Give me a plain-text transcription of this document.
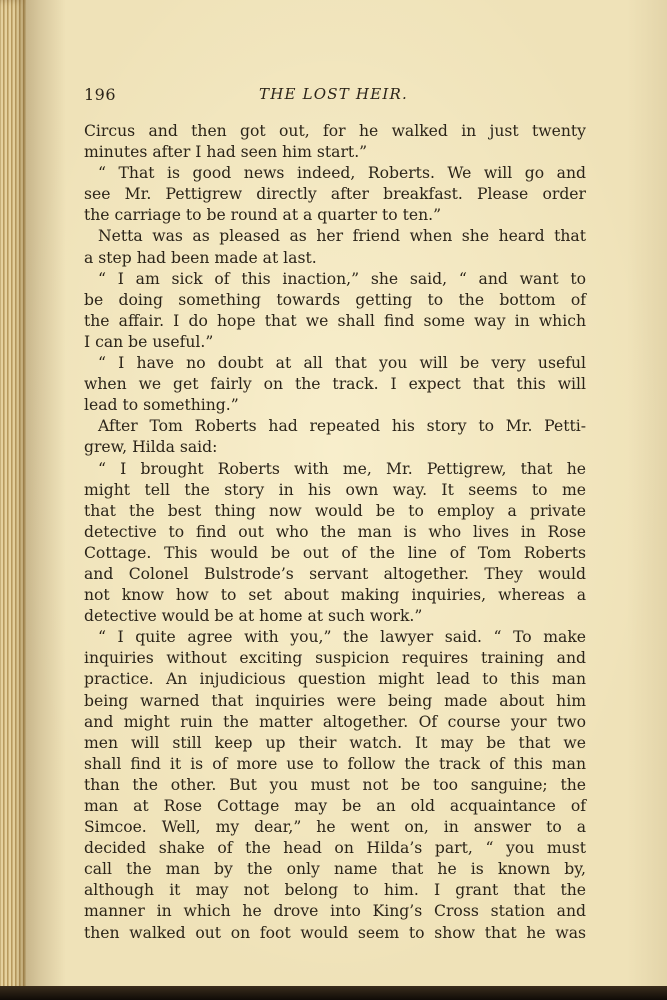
196	THE LOST HEIR.
Circus and then got out, for he walked in just twenty
minutes after I had seen him start.”
“ That is good news indeed, Roberts. We will go and
see Mr. Pettigrew directly after breakfast. Please order
the carriage to be round at a quarter to ten.”
Netta was as pleased as her friend when she heard that
a step had been made at last.
“ I am sick of this inaction,” she said, “ and want to
be doing something towards getting to the bottom of
the affair. I do hope that we shall find some way in which
I can be useful.”
“ I have no doubt at all that you will be very useful
when we get fairly on the track. I expect that this will
lead to something.”
After Tom Roberts had repeated his story to Mr. Petti-
grew, Hilda said:
“ I brought Roberts with me, Mr. Pettigrew, that he
might tell the story in his own way. It seems to me
that the best thing now would be to employ a private
detective to find out who the man is who lives in Rose
Cottage. This would be out of the line of Tom Roberts
and Colonel Bulstrode’s servant altogether. They would
not know how to set about making inquiries, whereas a
detective would be at home at such work.”
“ I quite agree with you,” the lawyer said. “ To make
inquiries without exciting suspicion requires training and
practice. An injudicious question might lead to this man
being warned that inquiries were being made about him
and might ruin the matter altogether. Of course your two
men will still keep up their watch. It may be that we
shall find it is of more use to follow the track of this man
than the other. But you must not be too sanguine; the
man at Rose Cottage may be an old acquaintance of
Simcoe. Well, my dear,” he went on, in answer to a
decided shake of the head on Hilda’s part, “ you must
call the man by the only name that he is known by,
although it may not belong to him. I grant that the
manner in which he drove into King’s Cross station and
then walked out on foot would seem to show that he was
